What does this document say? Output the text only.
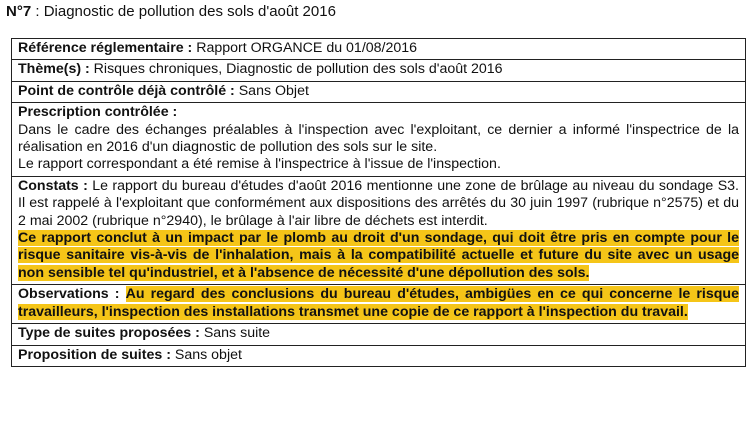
N°7 : Diagnostic de pollution des sols d'août 2016
Référence réglementaire : Rapport ORGANCE du 01/08/2016
Thème(s) : Risques chroniques, Diagnostic de pollution des sols d'août 2016
Point de contrôle déjà contrôlé : Sans Objet

Prescription contrôlée :
Dans le cadre des échanges préalables à l'inspection avec l'exploitant, ce dernier a informé l'inspectrice de la réalisation en 2016 d'un diagnostic de pollution des sols sur le site.
Le rapport correspondant a été remise à l'inspectrice à l'issue de l'inspection.

Constats : Le rapport du bureau d'études d'août 2016 mentionne une zone de brûlage au niveau du sondage S3. Il est rappelé à l'exploitant que conformément aux dispositions des arrêtés du 30 juin 1997 (rubrique n°2575) et du 2 mai 2002 (rubrique n°2940), le brûlage à l'air libre de déchets est interdit.
Ce rapport conclut à un impact par le plomb au droit d'un sondage, qui doit être pris en compte pour le risque sanitaire vis-à-vis de l'inhalation, mais à la compatibilité actuelle et future du site avec un usage non sensible tel qu'industriel, et à l'absence de nécessité d'une dépollution des sols.
Observations : Au regard des conclusions du bureau d'études, ambigües en ce qui concerne le risque travailleurs, l'inspection des installations transmet une copie de ce rapport à l'inspection du travail.
Type de suites proposées : Sans suite
Proposition de suites : Sans objet
